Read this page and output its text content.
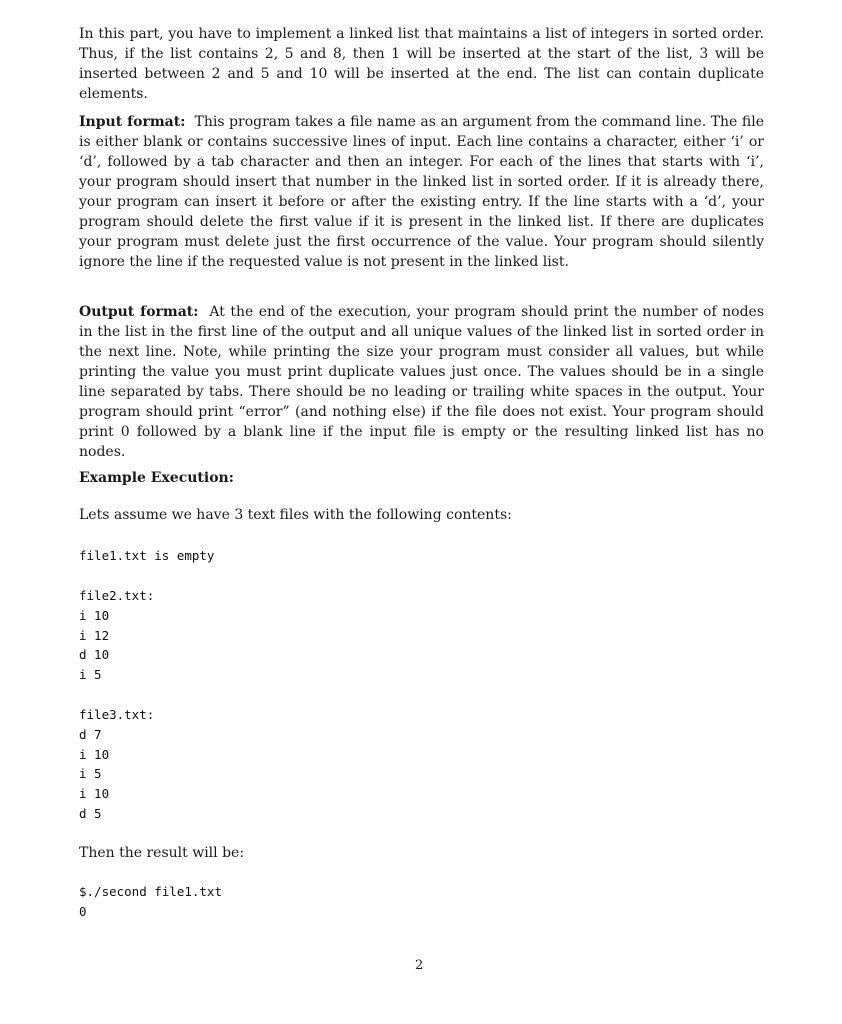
In this part, you have to implement a linked list that maintains a list of integers in sorted order. Thus, if the list contains 2, 5 and 8, then 1 will be inserted at the start of the list, 3 will be inserted between 2 and 5 and 10 will be inserted at the end. The list can contain duplicate elements.

Input format: This program takes a file name as an argument from the command line. The file is either blank or contains successive lines of input. Each line contains a character, either ‘i’ or ‘d’, followed by a tab character and then an integer. For each of the lines that starts with ‘i’, your program should insert that number in the linked list in sorted order. If it is already there, your program can insert it before or after the existing entry. If the line starts with a ‘d’, your program should delete the first value if it is present in the linked list. If there are duplicates your program must delete just the first occurrence of the value. Your program should silently ignore the line if the requested value is not present in the linked list.

Output format: At the end of the execution, your program should print the number of nodes in the list in the first line of the output and all unique values of the linked list in sorted order in the next line. Note, while printing the size your program must consider all values, but while printing the value you must print duplicate values just once. The values should be in a single line separated by tabs. There should be no leading or trailing white spaces in the output. Your program should print “error” (and nothing else) if the file does not exist. Your program should print 0 followed by a blank line if the input file is empty or the resulting linked list has no nodes.

Example Execution:
Lets assume we have 3 text files with the following contents:
file1.txt is empty
file2.txt:
i 10
i 12
d 10
i 5
file3.txt:
d 7
i 10
i 5
i 10
d 5
Then the result will be:
$./second file1.txt
0
2
